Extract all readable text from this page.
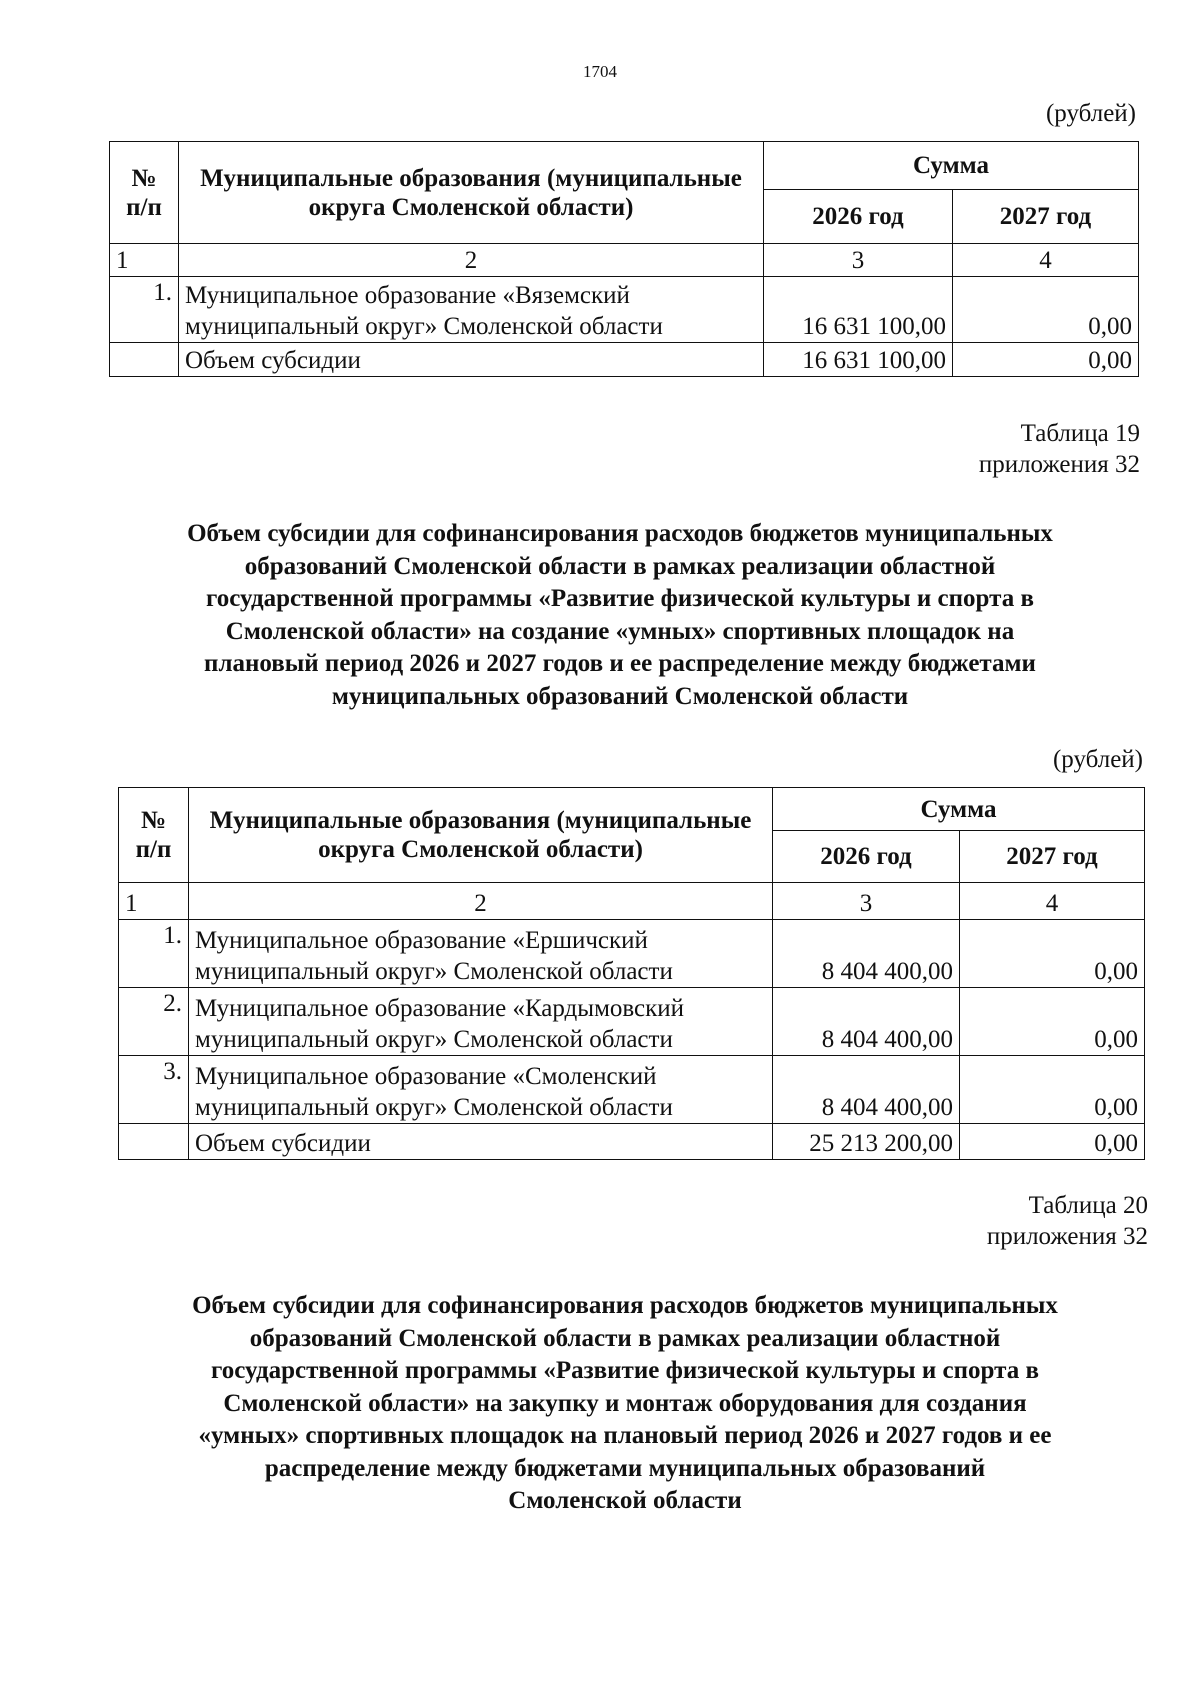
1704
(рублей)
№
п/п	Муниципальные образования (муниципальные округа Смоленской области)	Сумма	
		2026 год	2027 год
1	2	3	4
1.	Муниципальное образование «Вяземский муниципальный округ» Смоленской области	16 631 100,00	0,00
	Объем субсидии	16 631 100,00	0,00
Таблица 19
приложения 32
Объем субсидии для софинансирования расходов бюджетов муниципальных
образований Смоленской области в рамках реализации областной
государственной программы «Развитие физической культуры и спорта в
Смоленской области» на создание «умных» спортивных площадок на
плановый период 2026 и 2027 годов и ее распределение между бюджетами
муниципальных образований Смоленской области
(рублей)
№
п/п	Муниципальные образования (муниципальные округа Смоленской области)	Сумма	
		2026 год	2027 год
1	2	3	4
1.	Муниципальное образование «Ершичский муниципальный округ» Смоленской области	8 404 400,00	0,00
2.	Муниципальное образование «Кардымовский муниципальный округ» Смоленской области	8 404 400,00	0,00
3.	Муниципальное образование «Смоленский муниципальный округ» Смоленской области	8 404 400,00	0,00
	Объем субсидии	25 213 200,00	0,00
Таблица 20
приложения 32
Объем субсидии для софинансирования расходов бюджетов муниципальных
образований Смоленской области в рамках реализации областной
государственной программы «Развитие физической культуры и спорта в
Смоленской области» на закупку и монтаж оборудования для создания
«умных» спортивных площадок на плановый период 2026 и 2027 годов и ее
распределение между бюджетами муниципальных образований
Смоленской области
